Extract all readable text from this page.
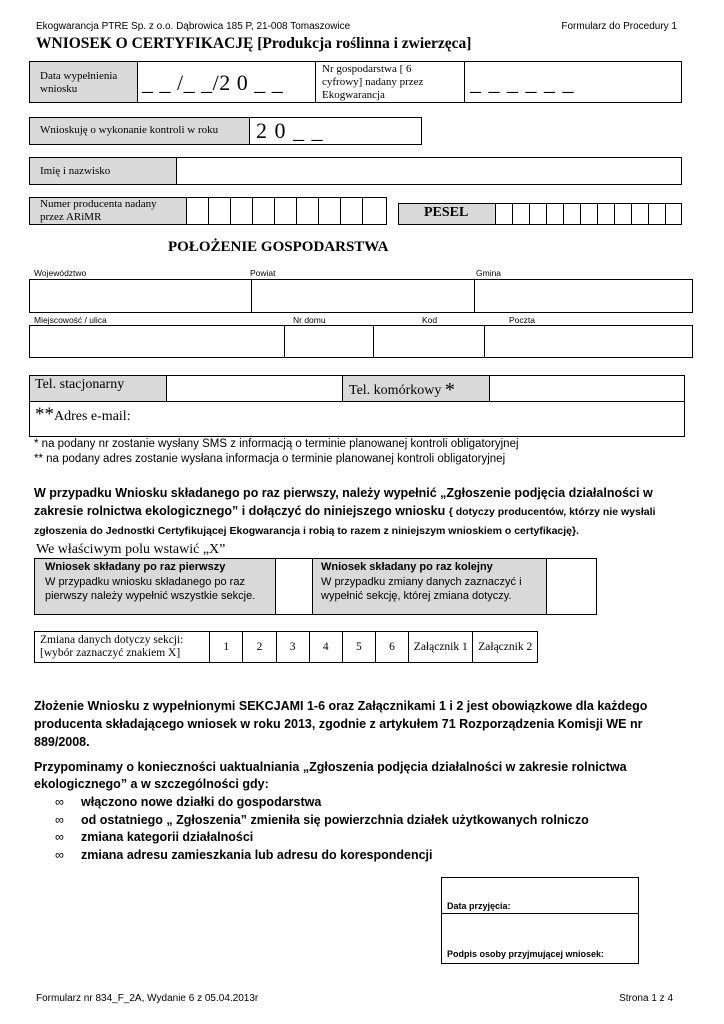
Ekogwarancja PTRE Sp. z o.o. Dąbrowica 185 P, 21-008 Tomaszowice	Formularz do Procedury 1
WNIOSEK O CERTYFIKACJĘ [Produkcja roślinna i zwierzęca]
Data wypełnienia wniosku	_ _ /_ _/2 0 _ _
Nr gospodarstwa [ 6 cyfrowy] nadany przez Ekogwarancja	_ _ _ _ _ _
Wnioskuję o wykonanie kontroli w roku 2 0 _ _
Imię i nazwisko
Numer producenta nadany przez ARiMR	PESEL
POŁOŻENIE GOSPODARSTWA
Województwo	Powiat	Gmina
Miejscowość / ulica	Nr domu	Kod	Poczta
Tel. stacjonarny	Tel. komórkowy *
**Adres e-mail:
* na podany nr zostanie wysłany SMS z informacją o terminie planowanej kontroli obligatoryjnej
** na podany adres zostanie wysłana informacja o terminie planowanej kontroli obligatoryjnej
W przypadku Wniosku składanego po raz pierwszy, należy wypełnić „Zgłoszenie podjęcia działalności w zakresie rolnictwa ekologicznego” i dołączyć do niniejszego wniosku { dotyczy producentów, którzy nie wysłali zgłoszenia do Jednostki Certyfikującej Ekogwarancja i robią to razem z niniejszym wnioskiem o certyfikację}.
We właściwym polu wstawić „X”
Wniosek składany po raz pierwszy
W przypadku wniosku składanego po raz pierwszy należy wypełnić wszystkie sekcje.
Wniosek składany po raz kolejny
W przypadku zmiany danych zaznaczyć i wypełnić sekcję, której zmiana dotyczy.
Zmiana danych dotyczy sekcji: [wybór zaznaczyć znakiem X]	1	2	3	4	5	6	Załącznik 1	Załącznik 2
Złożenie Wniosku z wypełnionymi SEKCJAMI 1-6 oraz Załącznikami 1 i 2 jest obowiązkowe dla każdego producenta składającego wniosek w roku 2013, zgodnie z artykułem 71 Rozporządzenia Komisji WE nr 889/2008.
Przypominamy o konieczności uaktualniania „Zgłoszenia podjęcia działalności w zakresie rolnictwa ekologicznego” a w szczególności gdy:
∞ włączono nowe działki do gospodarstwa
∞ od ostatniego „ Zgłoszenia” zmieniła się powierzchnia działek użytkowanych rolniczo
∞ zmiana kategorii działalności
∞ zmiana adresu zamieszkania lub adresu do korespondencji
Data przyjęcia:
Podpis osoby przyjmującej wniosek:
Formularz nr 834_F_2A, Wydanie 6 z 05.04.2013r	Strona 1 z 4
